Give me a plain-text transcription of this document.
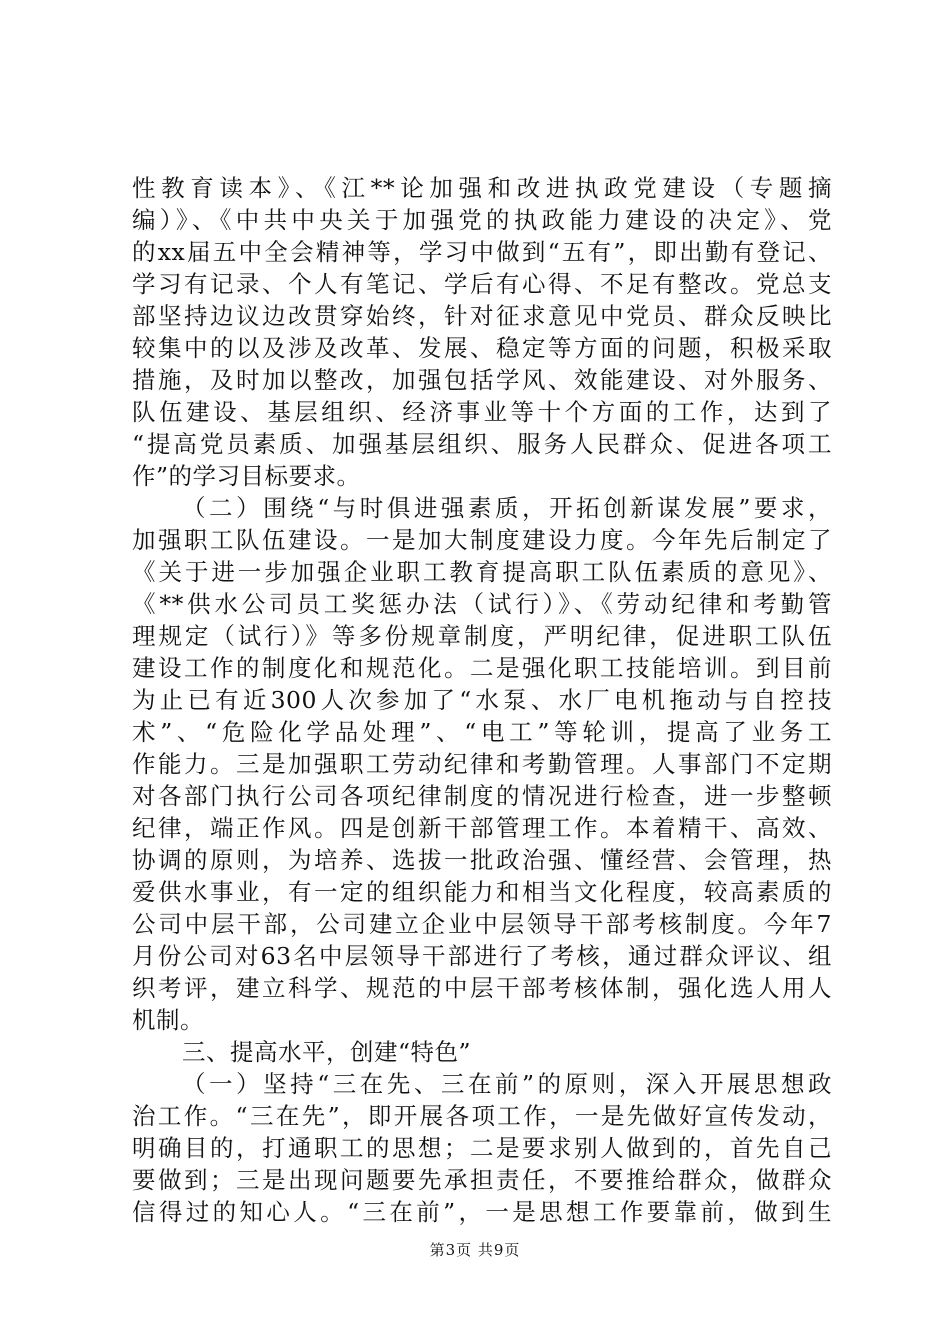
性教育读本》、《江**论加强和改进执政党建设（专题摘
编）》、《中共中央关于加强党的执政能力建设的决定》、党
的xx届五中全会精神等，学习中做到“五有”，即出勤有登记、
学习有记录、个人有笔记、学后有心得、不足有整改。党总支
部坚持边议边改贯穿始终，针对征求意见中党员、群众反映比
较集中的以及涉及改革、发展、稳定等方面的问题，积极采取
措施，及时加以整改，加强包括学风、效能建设、对外服务、
队伍建设、基层组织、经济事业等十个方面的工作，达到了
“提高党员素质、加强基层组织、服务人民群众、促进各项工
作”的学习目标要求。
（二）围绕“与时俱进强素质，开拓创新谋发展”要求，
加强职工队伍建设。一是加大制度建设力度。今年先后制定了
《关于进一步加强企业职工教育提高职工队伍素质的意见》、
《**供水公司员工奖惩办法（试行）》、《劳动纪律和考勤管
理规定（试行）》等多份规章制度，严明纪律，促进职工队伍
建设工作的制度化和规范化。二是强化职工技能培训。到目前
为止已有近300人次参加了“水泵、水厂电机拖动与自控技
术”、“危险化学品处理”、“电工”等轮训，提高了业务工
作能力。三是加强职工劳动纪律和考勤管理。人事部门不定期
对各部门执行公司各项纪律制度的情况进行检查，进一步整顿
纪律，端正作风。四是创新干部管理工作。本着精干、高效、
协调的原则，为培养、选拔一批政治强、懂经营、会管理，热
爱供水事业，有一定的组织能力和相当文化程度，较高素质的
公司中层干部，公司建立企业中层领导干部考核制度。今年7
月份公司对63名中层领导干部进行了考核，通过群众评议、组
织考评，建立科学、规范的中层干部考核体制，强化选人用人
机制。
三、提高水平，创建“特色”
（一）坚持“三在先、三在前”的原则，深入开展思想政
治工作。“三在先”，即开展各项工作，一是先做好宣传发动，
明确目的，打通职工的思想；二是要求别人做到的，首先自己
要做到；三是出现问题要先承担责任，不要推给群众，做群众
信得过的知心人。“三在前”，一是思想工作要靠前，做到生
第3页 共9页
